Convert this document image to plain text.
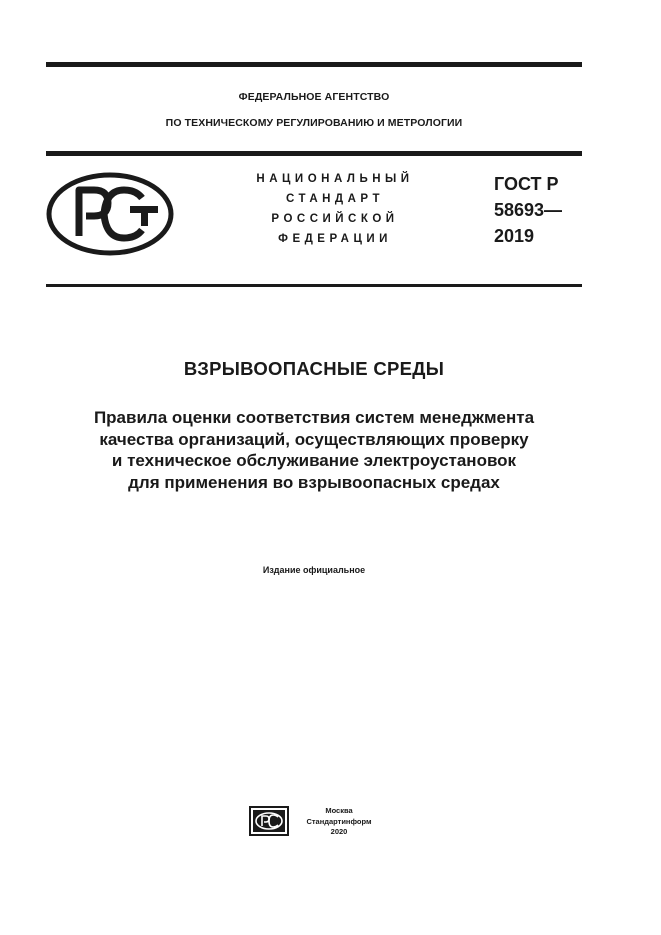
ФЕДЕРАЛЬНОЕ АГЕНТСТВО
ПО ТЕХНИЧЕСКОМУ РЕГУЛИРОВАНИЮ И МЕТРОЛОГИИ
НАЦИОНАЛЬНЫЙ
СТАНДАРТ
РОССИЙСКОЙ
ФЕДЕРАЦИИ
ГОСТ Р
58693—
2019
ВЗРЫВООПАСНЫЕ СРЕДЫ
Правила оценки соответствия систем менеджмента
качества организаций, осуществляющих проверку
и техническое обслуживание электроустановок
для применения во взрывоопасных средах
Издание официальное
Москва
Стандартинформ
2020
